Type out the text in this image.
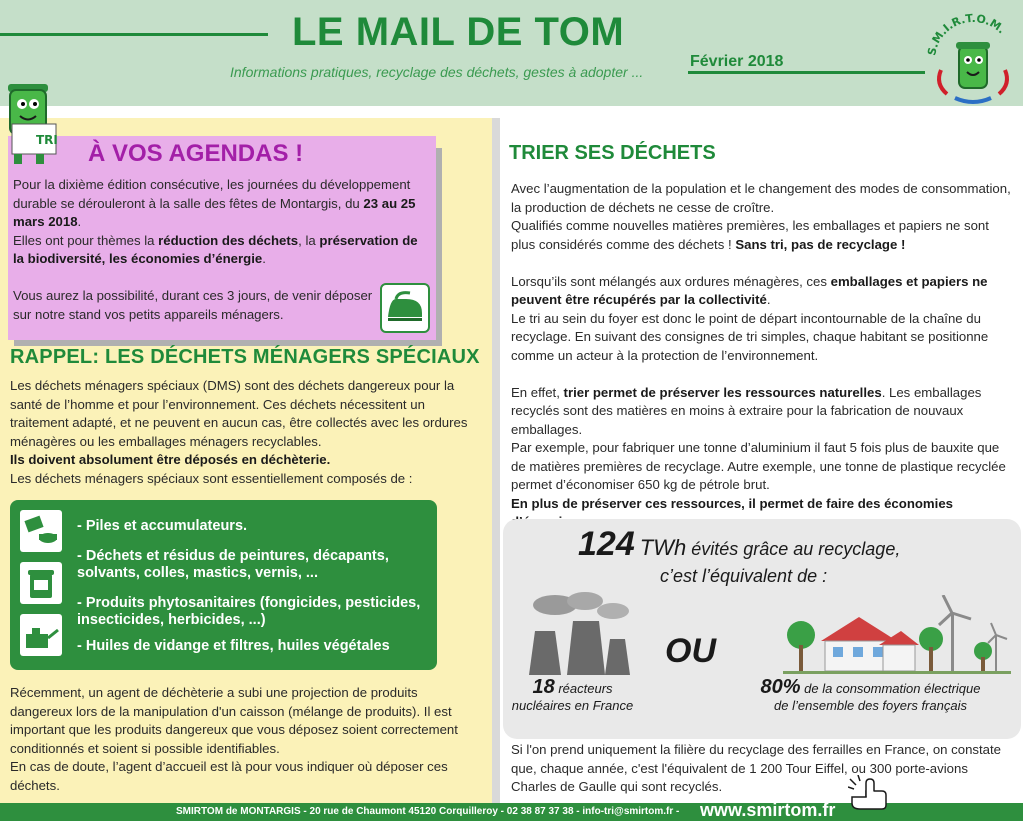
LE MAIL DE TOM
Informations pratiques, recyclage des déchets, gestes à adopter ...
Février 2018
S.M.I.R.T.O.M.
TRI

Pour la dixième édition consécutive, les journées du développement durable se dérouleront à la salle des fêtes de Montargis, du 23 au 25 mars 2018.

Elles ont pour thèmes la réduction des déchets, la préservation de la biodiversité, les économies d’énergie.

Vous aurez la possibilité, durant ces 3 jours, de venir déposer sur notre stand vos petits appareils ménagers.

À VOS AGENDAS !
RAPPEL: LES DÉCHETS MÉNAGERS SPÉCIAUX

Les déchets ménagers spéciaux (DMS) sont des déchets dangereux pour la santé de l’homme et pour l’environnement. Ces déchets nécessitent un traitement adapté, et ne peuvent en aucun cas, être collectés avec les ordures ménagères ou les emballages ménagers recyclables.

Ils doivent absolument être déposés en déchèterie.

Les déchets ménagers spéciaux sont essentiellement composés de :

- Piles et accumulateurs.
- Déchets et résidus de peintures, décapants, solvants, colles, mastics, vernis, ...
- Produits phytosanitaires (fongicides, pesticides, insecticides, herbicides, ...)
- Huiles de vidange et filtres, huiles végétales

Récemment, un agent de déchèterie a subi une projection de produits dangereux lors de la manipulation d'un caisson (mélange de produits). Il est important que les produits dangereux que vous déposez soient correctement conditionnés et soient si possible identifiables.

En cas de doute, l’agent d’accueil est là pour vous indiquer où déposer ces déchets.

TRIER SES DÉCHETS

Avec l’augmentation de la population et le changement des modes de consommation, la production de déchets ne cesse de croître.

Qualifiés comme nouvelles matières premières, les emballages et papiers ne sont plus considérés comme des déchets ! Sans tri, pas de recyclage !

Lorsqu’ils sont mélangés aux ordures ménagères, ces emballages et papiers ne peuvent être récupérés par la collectivité.

Le tri au sein du foyer est donc le point de départ incontournable de la chaîne du recyclage. En suivant des consignes de tri simples, chaque habitant se positionne comme un acteur à la protection de l’environnement.

En effet, trier permet de préserver les ressources naturelles. Les emballages recyclés sont des matières en moins à extraire pour la fabrication de nouvaux emballages.

Par exemple, pour fabriquer une tonne d’aluminium il faut 5 fois plus de bauxite que de matières premières de recyclage. Autre exemple, une tonne de plastique recyclée permet d’économiser 650 kg de pétrole brut.

En plus de préserver ces ressources, il permet de faire des économies

124 TWh évités grâce au recyclage,
c’est l’équivalent de :
OU
18 réacteurs
nucléaires en France
80% de la consommation électrique
de l’ensemble des foyers français

Si l'on prend uniquement la filière du recyclage des ferrailles en France, on constate que, chaque année, c'est l'équivalent de 1 200 Tour Eiffel, ou 300 porte-avions Charles de Gaulle qui sont recyclés.

SMIRTOM de MONTARGIS - 20 rue de Chaumont 45120 Corquilleroy - 02 38 87 37 38 - info-tri@smirtom.fr - www.smirtom.fr
